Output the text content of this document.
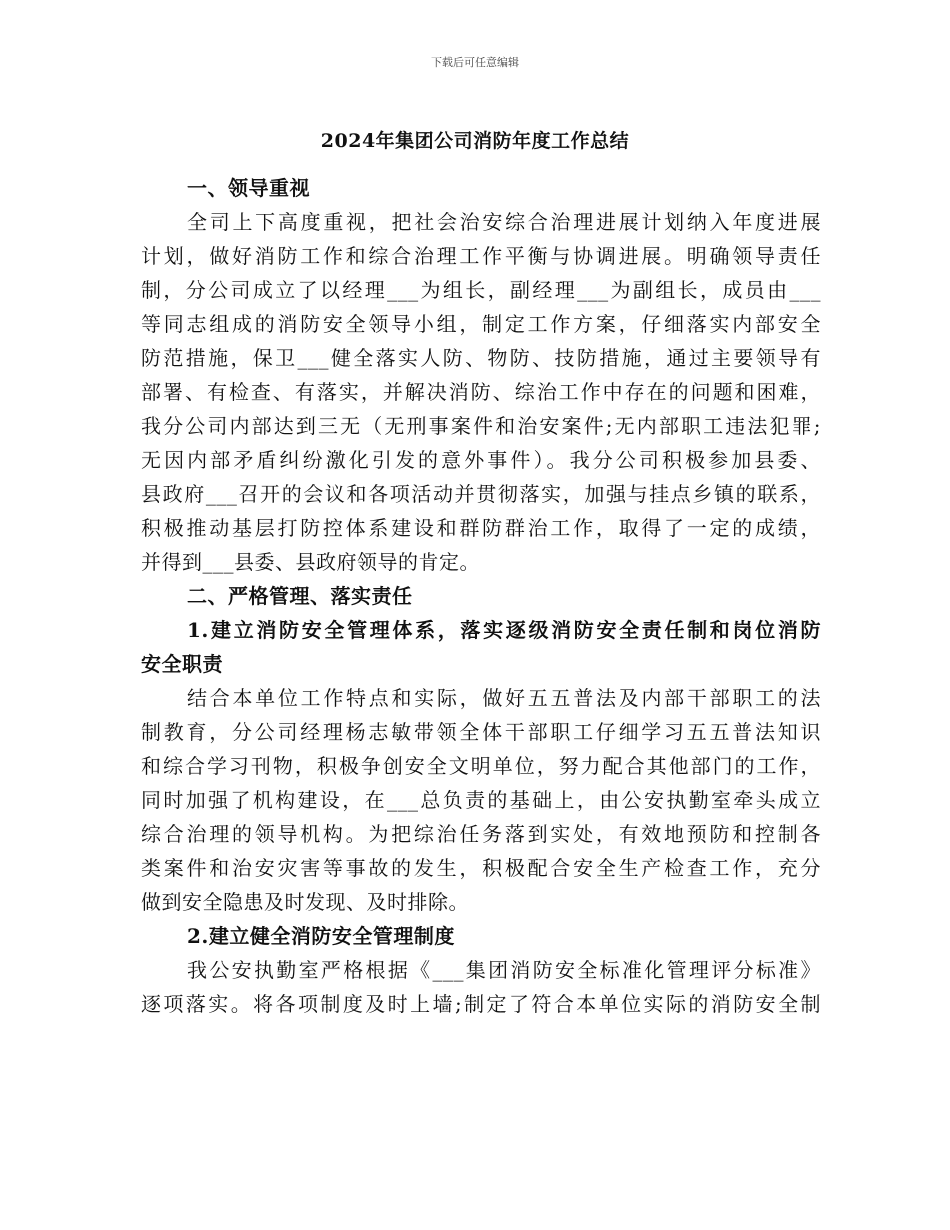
下载后可任意编辑
2024年集团公司消防年度工作总结
一、领导重视
全司上下高度重视，把社会治安综合治理进展计划纳入年度进展
计划，做好消防工作和综合治理工作平衡与协调进展。明确领导责任
制，分公司成立了以经理___为组长，副经理___为副组长，成员由___
等同志组成的消防安全领导小组，制定工作方案，仔细落实内部安全
防范措施，保卫___健全落实人防、物防、技防措施，通过主要领导有
部署、有检查、有落实，并解决消防、综治工作中存在的问题和困难，
我分公司内部达到三无（无刑事案件和治安案件;无内部职工违法犯罪;
无因内部矛盾纠纷激化引发的意外事件）。我分公司积极参加县委、
县政府___召开的会议和各项活动并贯彻落实，加强与挂点乡镇的联系，
积极推动基层打防控体系建设和群防群治工作，取得了一定的成绩，
并得到___县委、县政府领导的肯定。
二、严格管理、落实责任
1.建立消防安全管理体系，落实逐级消防安全责任制和岗位消防
安全职责
结合本单位工作特点和实际，做好五五普法及内部干部职工的法
制教育，分公司经理杨志敏带领全体干部职工仔细学习五五普法知识
和综合学习刊物，积极争创安全文明单位，努力配合其他部门的工作，
同时加强了机构建设，在___总负责的基础上，由公安执勤室牵头成立
综合治理的领导机构。为把综治任务落到实处，有效地预防和控制各
类案件和治安灾害等事故的发生，积极配合安全生产检查工作，充分
做到安全隐患及时发现、及时排除。
2.建立健全消防安全管理制度
我公安执勤室严格根据《___集团消防安全标准化管理评分标准》
逐项落实。将各项制度及时上墙;制定了符合本单位实际的消防安全制
